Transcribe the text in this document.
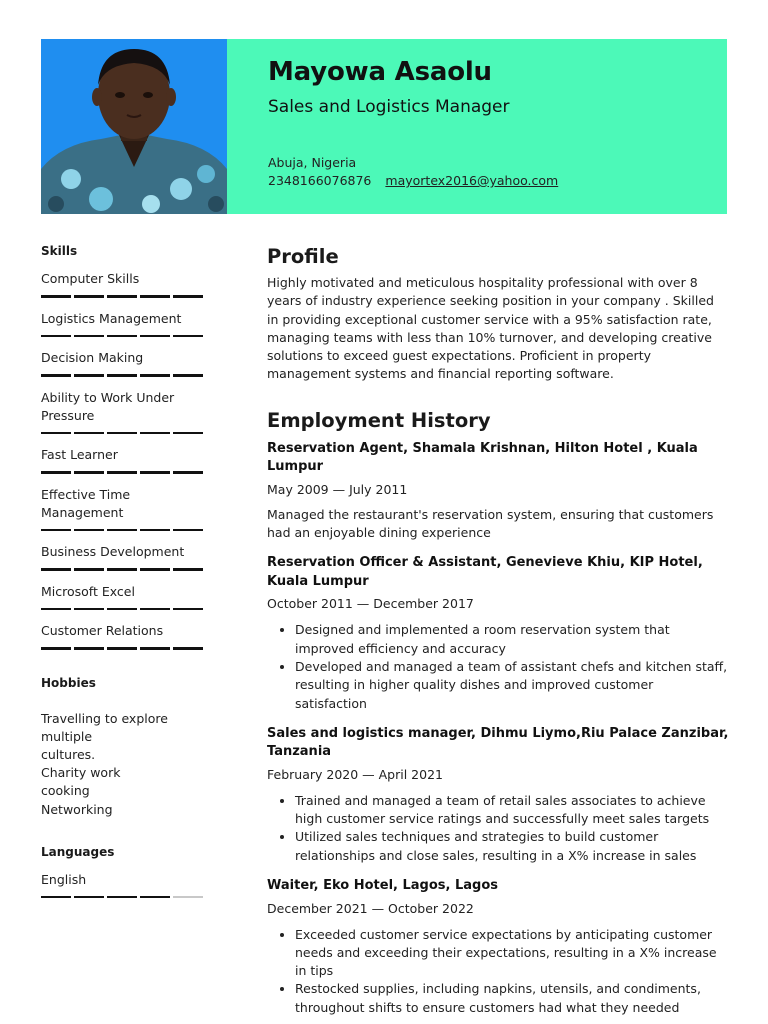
Mayowa Asaolu
Sales and Logistics Manager
Abuja, Nigeria
2348166076876 mayortex2016@yahoo.com
Skills
Computer Skills
Logistics Management
Decision Making
Ability to Work Under Pressure
Fast Learner
Effective Time Management
Business Development
Microsoft Excel
Customer Relations
Hobbies
Travelling to explore
multiple
cultures.
Charity work
cooking
Networking
Languages
English
Profile
Highly motivated and meticulous hospitality professional with over 8 years of industry experience seeking position in your company . Skilled in providing exceptional customer service with a 95% satisfaction rate, managing teams with less than 10% turnover, and developing creative solutions to exceed guest expectations. Proficient in property management systems and financial reporting software.
Employment History
Reservation Agent, Shamala Krishnan, Hilton Hotel , Kuala Lumpur
May 2009 — July 2011
Managed the restaurant's reservation system, ensuring that customers had an enjoyable dining experience
Reservation Officer & Assistant, Genevieve Khiu, KIP Hotel, Kuala Lumpur
October 2011 — December 2017
• Designed and implemented a room reservation system that improved efficiency and accuracy
• Developed and managed a team of assistant chefs and kitchen staff, resulting in higher quality dishes and improved customer satisfaction
Sales and logistics manager, Dihmu Liymo,Riu Palace Zanzibar, Tanzania
February 2020 — April 2021
• Trained and managed a team of retail sales associates to achieve high customer service ratings and successfully meet sales targets
• Utilized sales techniques and strategies to build customer relationships and close sales, resulting in a X% increase in sales
Waiter, Eko Hotel, Lagos, Lagos
December 2021 — October 2022
• Exceeded customer service expectations by anticipating customer needs and exceeding their expectations, resulting in a X% increase in tips
• Restocked supplies, including napkins, utensils, and condiments, throughout shifts to ensure customers had what they needed
